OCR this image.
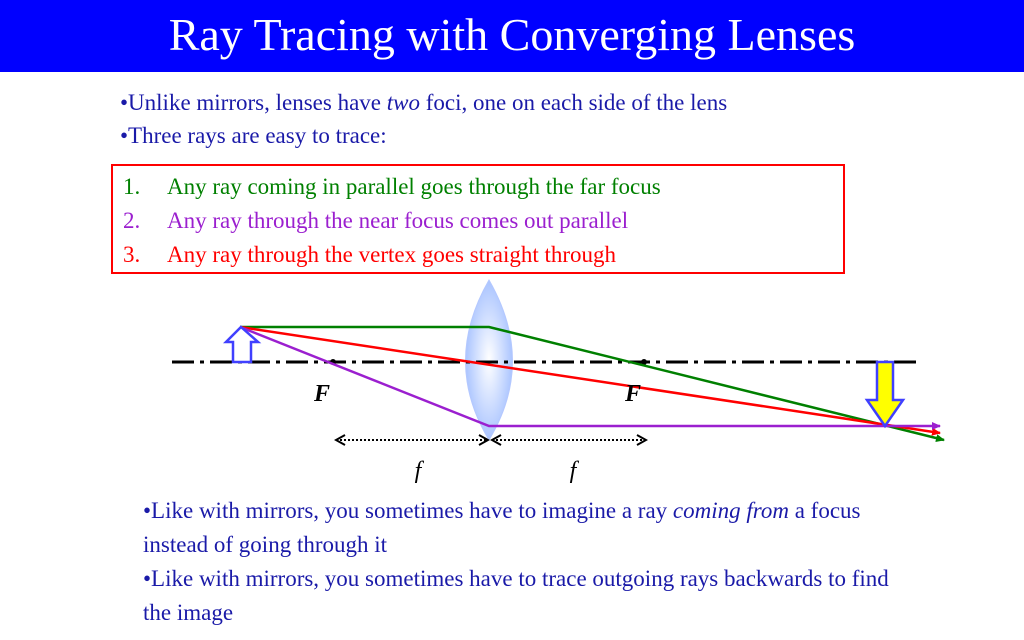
Ray Tracing with Converging Lenses

•Unlike mirrors, lenses have two foci, one on each side of the lens

•Three rays are easy to trace:

1. Any ray coming in parallel goes through the far focus
2. Any ray through the near focus comes out parallel
3. Any ray through the vertex goes straight through
F	F
f	f

•Like with mirrors, you sometimes have to imagine a ray coming from a focus instead of going through it

•Like with mirrors, you sometimes have to trace outgoing rays backwards to find the image
